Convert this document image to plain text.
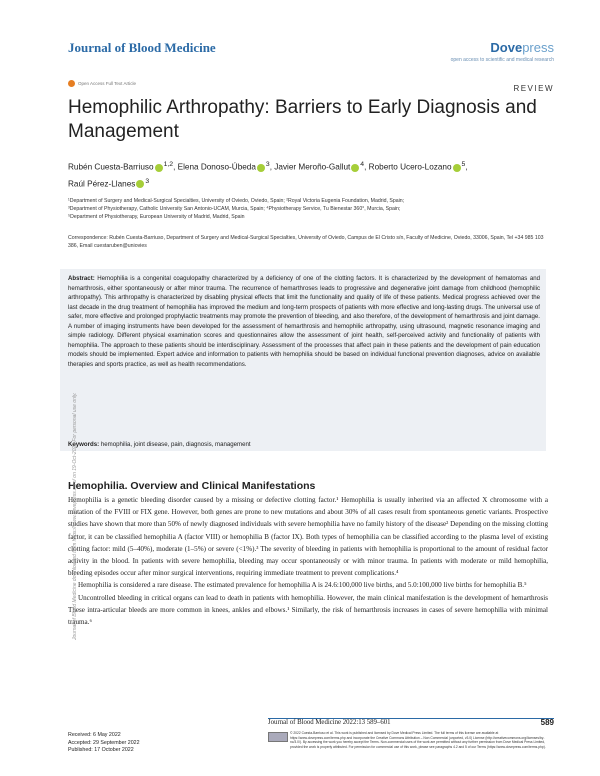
Journal of Blood Medicine	Dovepress
open access to scientific and medical research
Open Access Full Text Article
REVIEW
Hemophilic Arthropathy: Barriers to Early Diagnosis and Management
Rubén Cuesta-Barriuso $^{1,2}$, Elena Donoso-Úbeda $^3$, Javier Meroño-Gallut $^4$, Roberto Ucero-Lozano $^5$,
Raúl Pérez-Llanes $^3$
¹Department of Surgery and Medical-Surgical Specialties, University of Oviedo, Oviedo, Spain; ²Royal Victoria Eugenia Foundation, Madrid, Spain;
³Department of Physiotherapy, Catholic University San Antonio-UCAM, Murcia, Spain; ⁴Physiotherapy Service, Tu Bienestar 360°, Murcia, Spain;
⁵Department of Physiotherapy, European University of Madrid, Madrid, Spain
Correspondence: Rubén Cuesta-Barriuso, Department of Surgery and Medical-Surgical Specialties, University of Oviedo, Campus de El Cristo s/n, Faculty of Medicine, Oviedo, 33006, Spain, Tel +34 985 103 386, Email cuestaruben@uniovies
Abstract: Hemophilia is a congenital coagulopathy characterized by a deficiency of one of the clotting factors. It is characterized by the development of hematomas and hemarthrosis, either spontaneously or after minor trauma. The recurrence of hemarthroses leads to progressive and degenerative joint damage from childhood (hemophilic arthropathy). This arthropathy is characterized by disabling physical effects that limit the functionality and quality of life of these patients. Medical progress achieved over the last decade in the drug treatment of hemophilia has improved the medium and long-term prospects of patients with more effective and long-lasting drugs. The universal use of safer, more effective and prolonged prophylactic treatments may promote the prevention of bleeding, and also therefore, of the development of hemarthrosis and joint damage. A number of imaging instruments have been developed for the assessment of hemarthrosis and hemophilic arthropathy, using ultrasound, magnetic resonance imaging and simple radiology. Different physical examination scores and questionnaires allow the assessment of joint health, self-perceived activity and functionality of patients with hemophilia. The approach to these patients should be interdisciplinary. Assessment of the processes that affect pain in these patients and the development of pain education models should be implemented. Expert advice and information to patients with hemophilia should be based on individual functional prevention diagnoses, advice on available therapies and sports practice, as well as health recommendations.
Keywords: hemophilia, joint disease, pain, diagnosis, management
Hemophilia. Overview and Clinical Manifestations

Hemophilia is a genetic bleeding disorder caused by a missing or defective clotting factor.¹ Hemophilia is usually inherited via an affected X chromosome with a mutation of the FVIII or FIX gene. However, both genes are prone to new mutations and about 30% of all cases result from spontaneous genetic variants. Prospective studies have shown that more than 50% of newly diagnosed individuals with severe hemophilia have no family history of the disease² Depending on the missing clotting factor, it can be classified hemophilia A (factor VIII) or hemophilia B (factor IX). Both types of hemophilia can be classified according to the plasma level of existing clotting factor: mild (5–40%), moderate (1–5%) or severe (<1%).³ The severity of bleeding in patients with hemophilia is proportional to the amount of residual factor activity in the blood. In patients with severe hemophilia, bleeding may occur spontaneously or with minor trauma. In patients with moderate or mild hemophilia, bleeding episodes occur after minor surgical interventions, requiring immediate treatment to prevent complications.⁴

Hemophilia is considered a rare disease. The estimated prevalence for hemophilia A is 24.6:100,000 live births, and 5.0:100,000 live births for hemophilia B.⁵

Uncontrolled bleeding in critical organs can lead to death in patients with hemophilia. However, the main clinical manifestation is the development of hemarthrosis These intra-articular bleeds are more common in knees, ankles and elbows.¹ Similarly, the risk of hemarthrosis increases in cases of severe hemophilia with minimal trauma.⁶

Journal of Blood Medicine downloaded from https://www.dovepress.com/ on 19-Oct-2022 For personal use only.
Journal of Blood Medicine 2022:13 589–601	589
Received: 6 May 2022
Accepted: 29 September 2022
Published: 17 October 2022
© 2022 Cuesta-Barriuso et al. This work is published and licensed by Dove Medical Press Limited. The full terms of this license are available at https://www.dovepress.com/terms.php and incorporate the Creative Commons Attribution – Non Commercial (unported, v3.0) License (http://creativecommons.org/licenses/by-nc/3.0/). By accessing the work you hereby accept the Terms. Non-commercial uses of the work are permitted without any further permission from Dove Medical Press Limited, provided the work is properly attributed. For permission for commercial use of this work, please see paragraphs 4.2 and 5 of our Terms (https://www.dovepress.com/terms.php).
